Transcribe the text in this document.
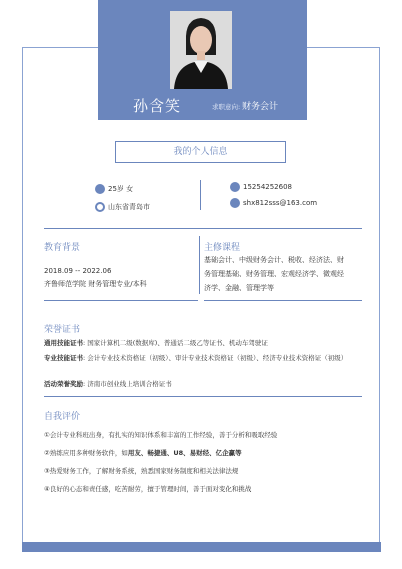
孙含笑	求职意向: 财务会计
我的个人信息
25岁 女
山东省青岛市
15254252608
shx812sss@163.com
教育背景
2018.09 -- 2022.06
齐鲁师范学院 财务管理专业/本科
主修课程
基础会计、中级财务会计、税收、经济法、财
务管理基础、财务管理、宏观经济学、微观经
济学、金融、管理学等
荣誉证书
通用技能证书: 国家计算机二级(数据库)、普通话二级乙等证书、机动车驾驶证
专业技能证书: 会计专业技术资格证（初级）、审计专业技术资格证（初级）、经济专业技术资格证（初级）
活动荣誉奖励: 济南市创业线上培训合格证书
自我评价
①会计专业科班出身，有扎实的知识体系和丰富的工作经验，善于分析和吸取经验
②熟练应用多种财务软件，如用友、畅捷通、U8、易财经、亿企赢等
③热爱财务工作，了解财务系统，熟悉国家财务制度和相关法律法规
④良好的心态和责任感，吃苦耐劳，擅于管理时间，善于面对变化和挑战
